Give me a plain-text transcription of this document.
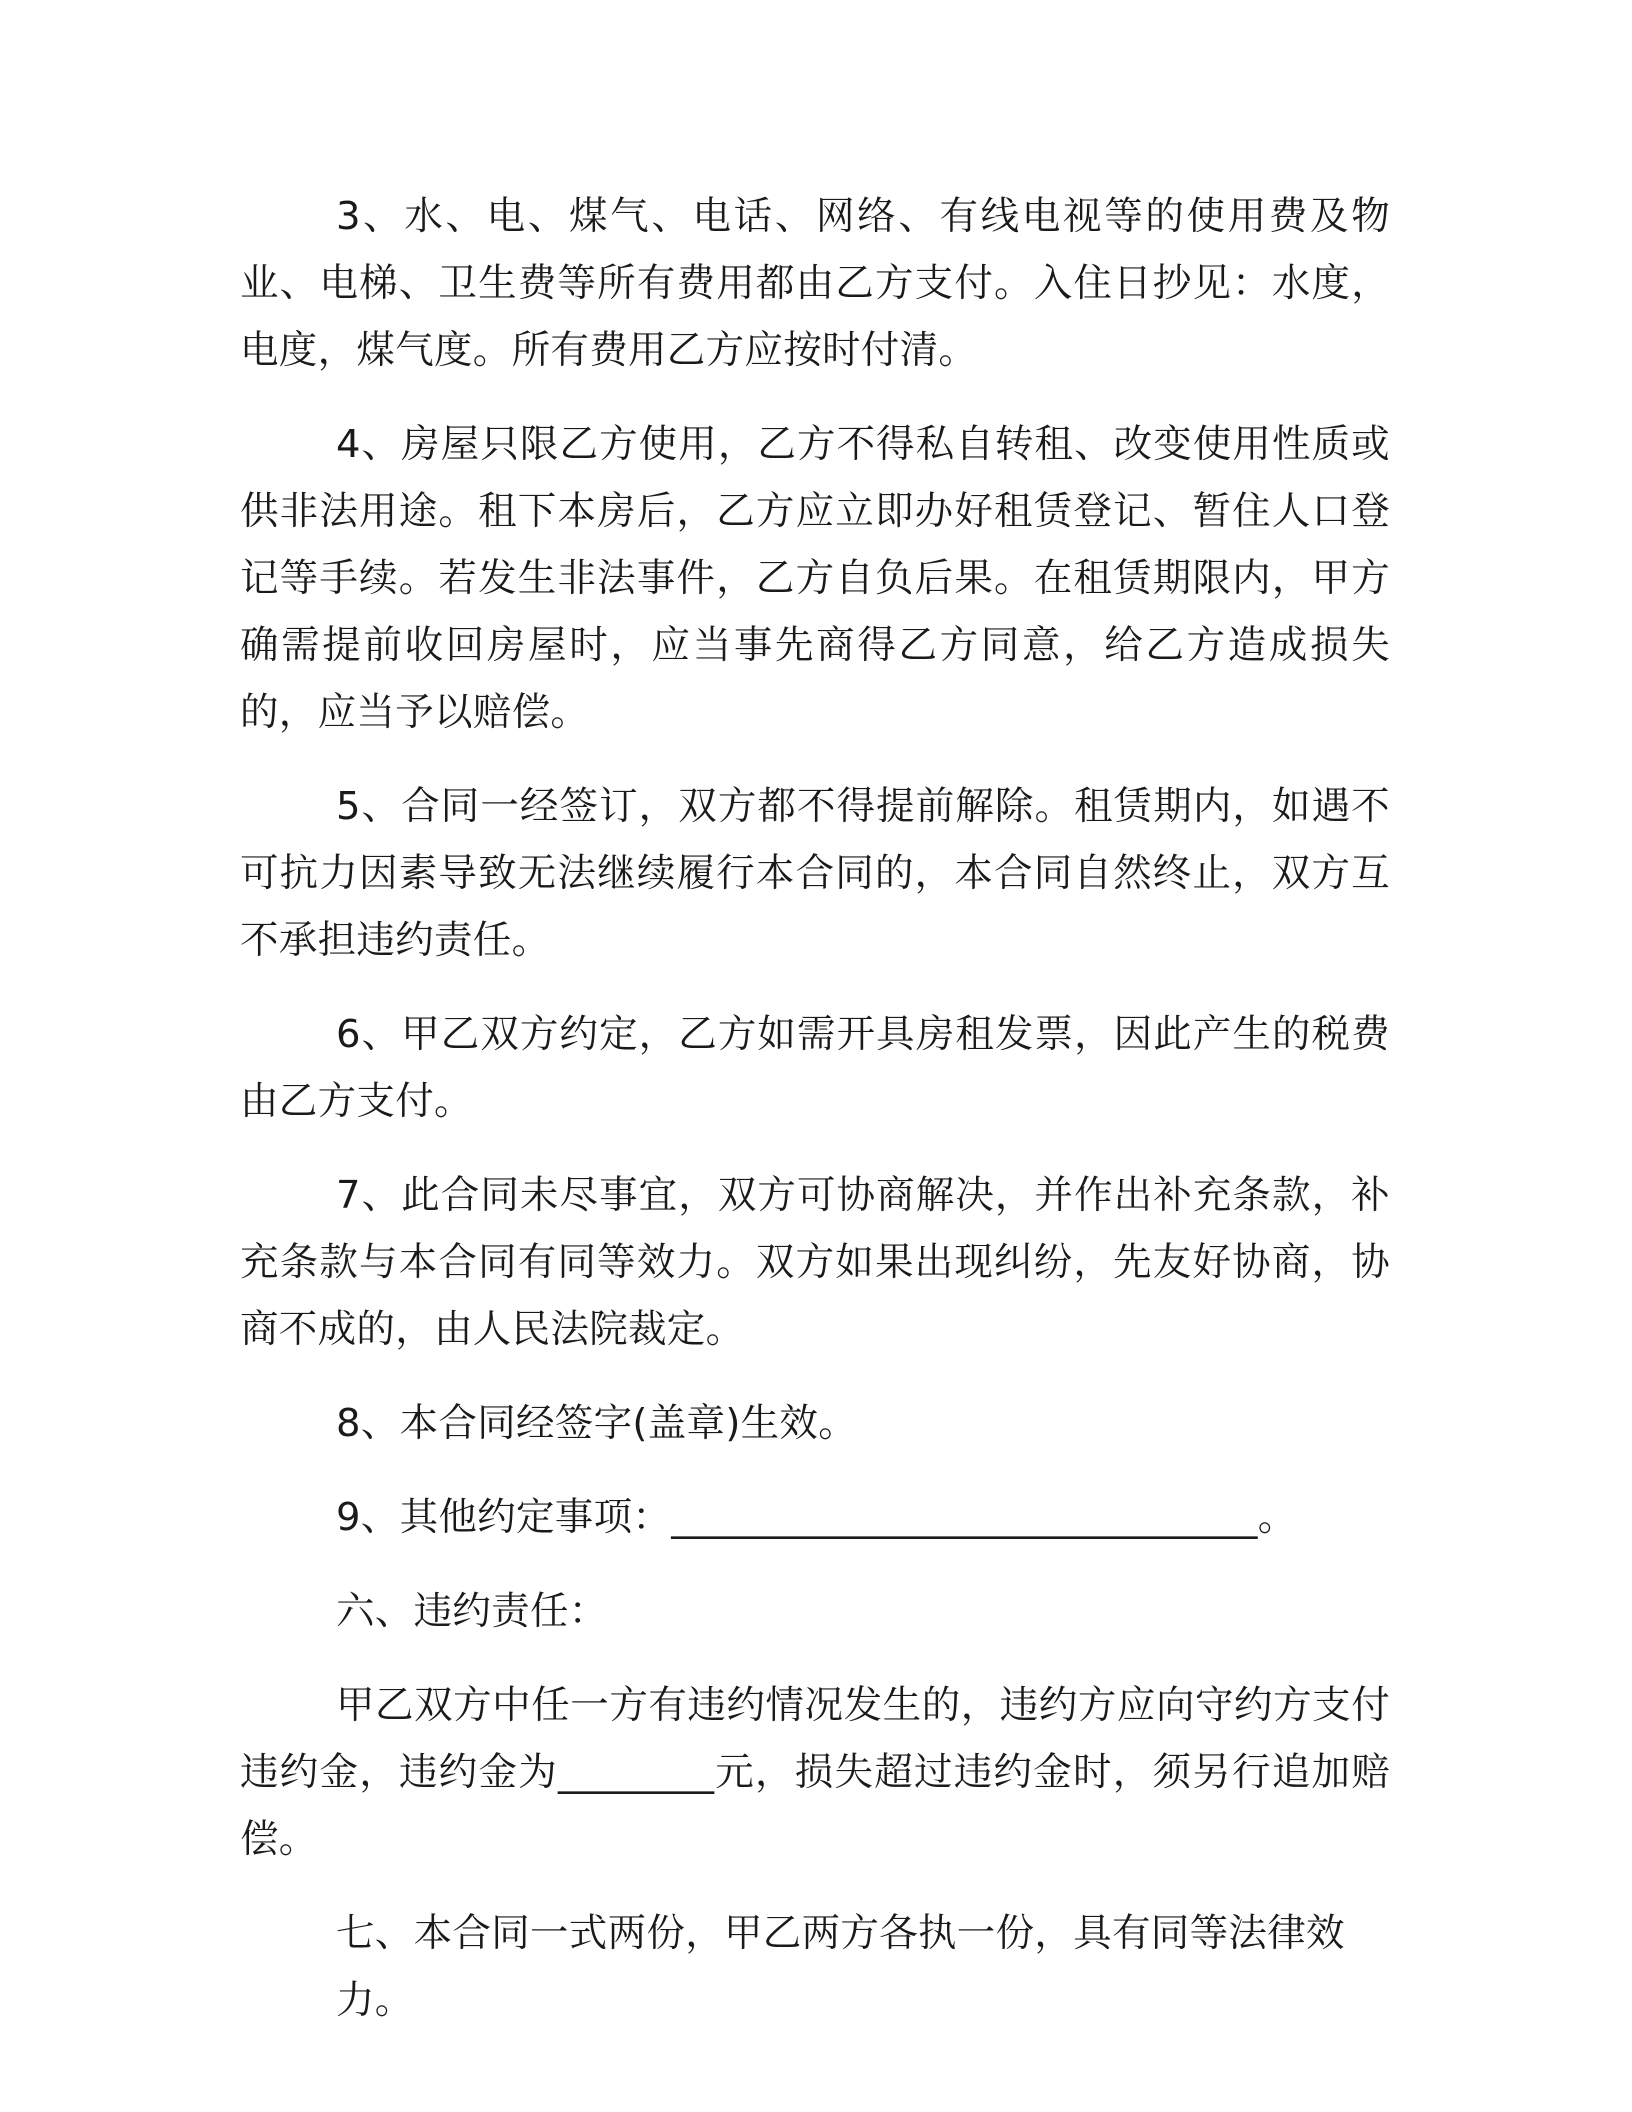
3、水、电、煤气、电话、网络、有线电视等的使用费及物业、电梯、卫生费等所有费用都由乙方支付。入住日抄见：水度，电度，煤气度。所有费用乙方应按时付清。

4、房屋只限乙方使用，乙方不得私自转租、改变使用性质或供非法用途。租下本房后，乙方应立即办好租赁登记、暂住人口登记等手续。若发生非法事件，乙方自负后果。在租赁期限内，甲方确需提前收回房屋时，应当事先商得乙方同意，给乙方造成损失的，应当予以赔偿。

5、合同一经签订，双方都不得提前解除。租赁期内，如遇不可抗力因素导致无法继续履行本合同的，本合同自然终止，双方互不承担违约责任。

6、甲乙双方约定，乙方如需开具房租发票，因此产生的税费由乙方支付。

7、此合同未尽事宜，双方可协商解决，并作出补充条款，补充条款与本合同有同等效力。双方如果出现纠纷，先友好协商，协商不成的，由人民法院裁定。

8、本合同经签字(盖章)生效。

9、其他约定事项：______________________________。

六、违约责任：

甲乙双方中任一方有违约情况发生的，违约方应向守约方支付违约金，违约金为________元，损失超过违约金时，须另行追加赔偿。

七、本合同一式两份，甲乙两方各执一份，具有同等法律效力。
